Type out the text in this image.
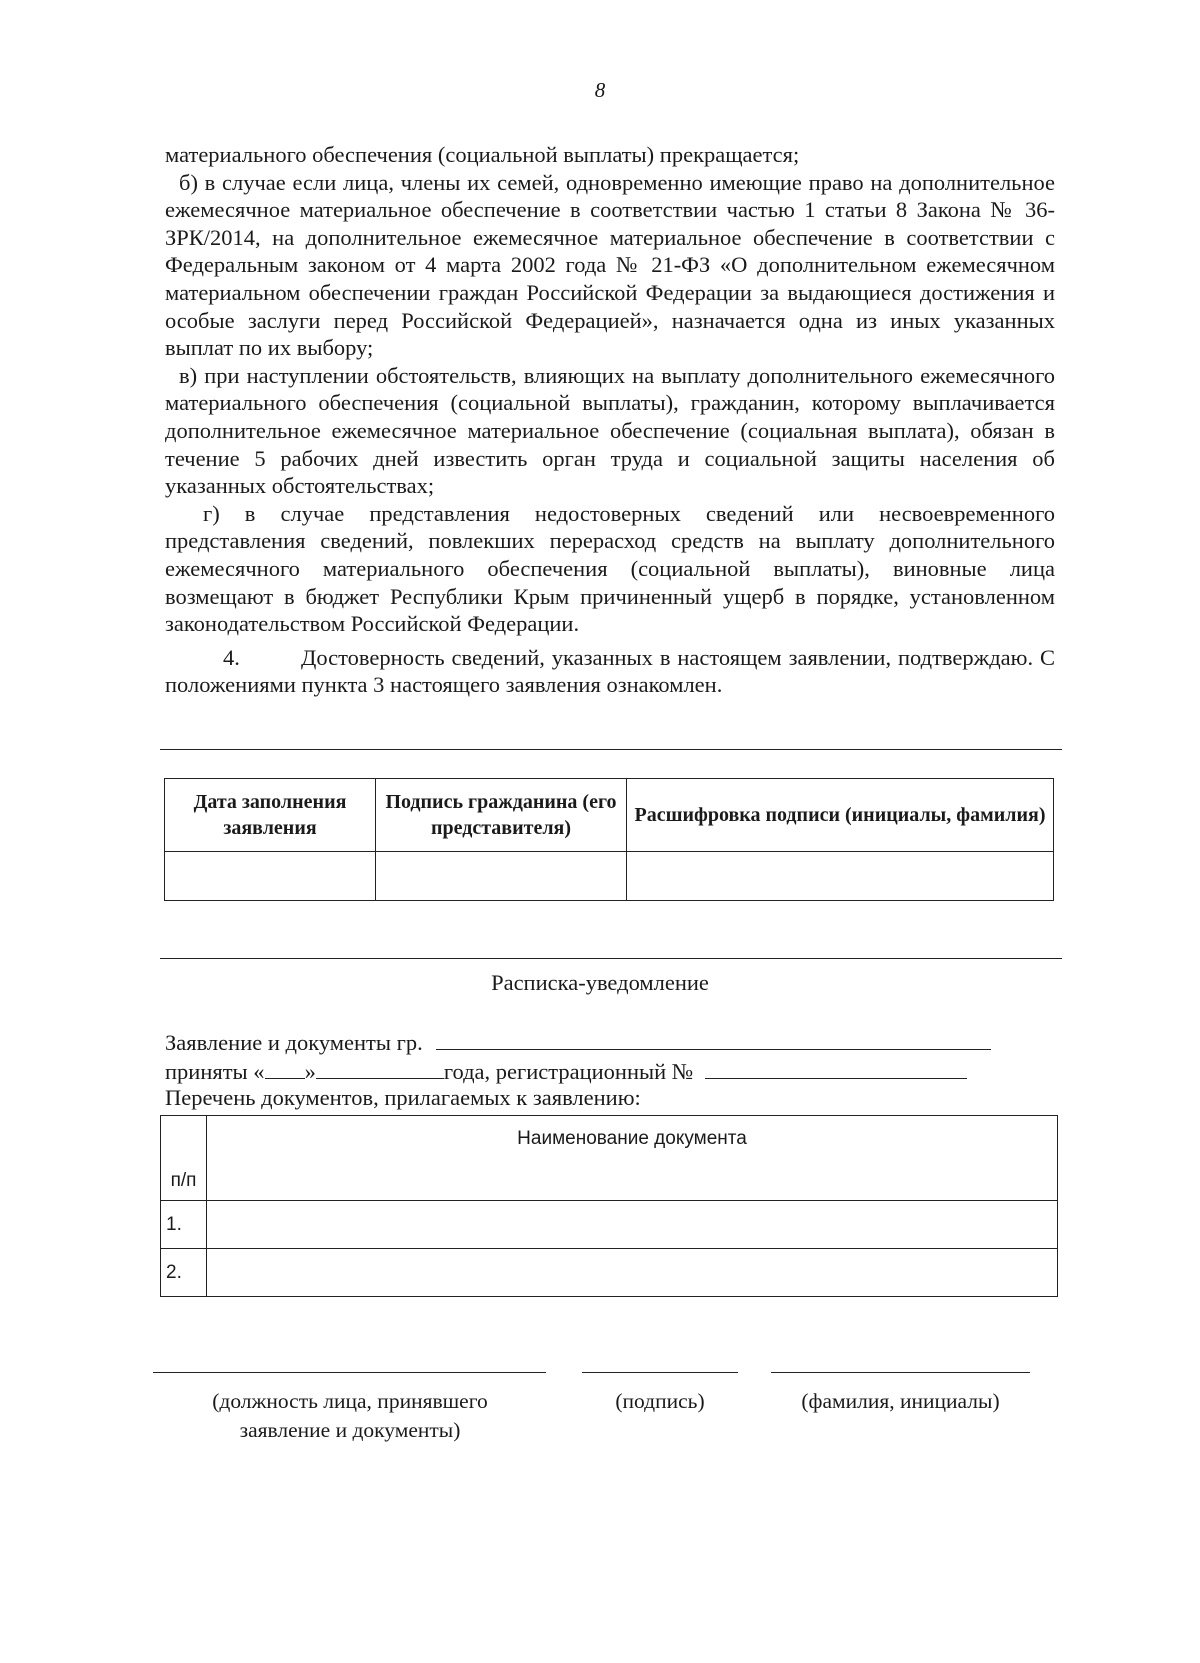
8

материального обеспечения (социальной выплаты) прекращается;

б) в случае если лица, члены их семей, одновременно имеющие право на дополнительное ежемесячное материальное обеспечение в соответствии частью 1 статьи 8 Закона № 36-ЗРК/2014, на дополнительное ежемесячное материальное обеспечение в соответствии с Федеральным законом от 4 марта 2002 года № 21-ФЗ «О дополнительном ежемесячном материальном обеспечении граждан Российской Федерации за выдающиеся достижения и особые заслуги перед Российской Федерацией», назначается одна из иных указанных выплат по их выбору;

в) при наступлении обстоятельств, влияющих на выплату дополнительного ежемесячного материального обеспечения (социальной выплаты), гражданин, которому выплачивается дополнительное ежемесячное материальное обеспечение (социальная выплата), обязан в течение 5 рабочих дней известить орган труда и социальной защиты населения об указанных обстоятельствах;

г) в случае представления недостоверных сведений или несвоевременного представления сведений, повлекших перерасход средств на выплату дополнительного ежемесячного материального обеспечения (социальной выплаты), виновные лица возмещают в бюджет Республики Крым причиненный ущерб в порядке, установленном законодательством Российской Федерации.

4.	Достоверность сведений, указанных в настоящем заявлении, подтверждаю. С положениями пункта 3 настоящего заявления ознакомлен.

Дата заполнения заявления	Подпись гражданина (его представителя)	Расшифровка подписи (инициалы, фамилия)

Расписка-уведомление
Заявление и документы гр.
приняты « »	года, регистрационный №
Перечень документов, прилагаемых к заявлению:
п/п	Наименование документа
1.	
2.	
(должность лица, принявшего заявление и документы)
(подпись)	(фамилия, инициалы)
